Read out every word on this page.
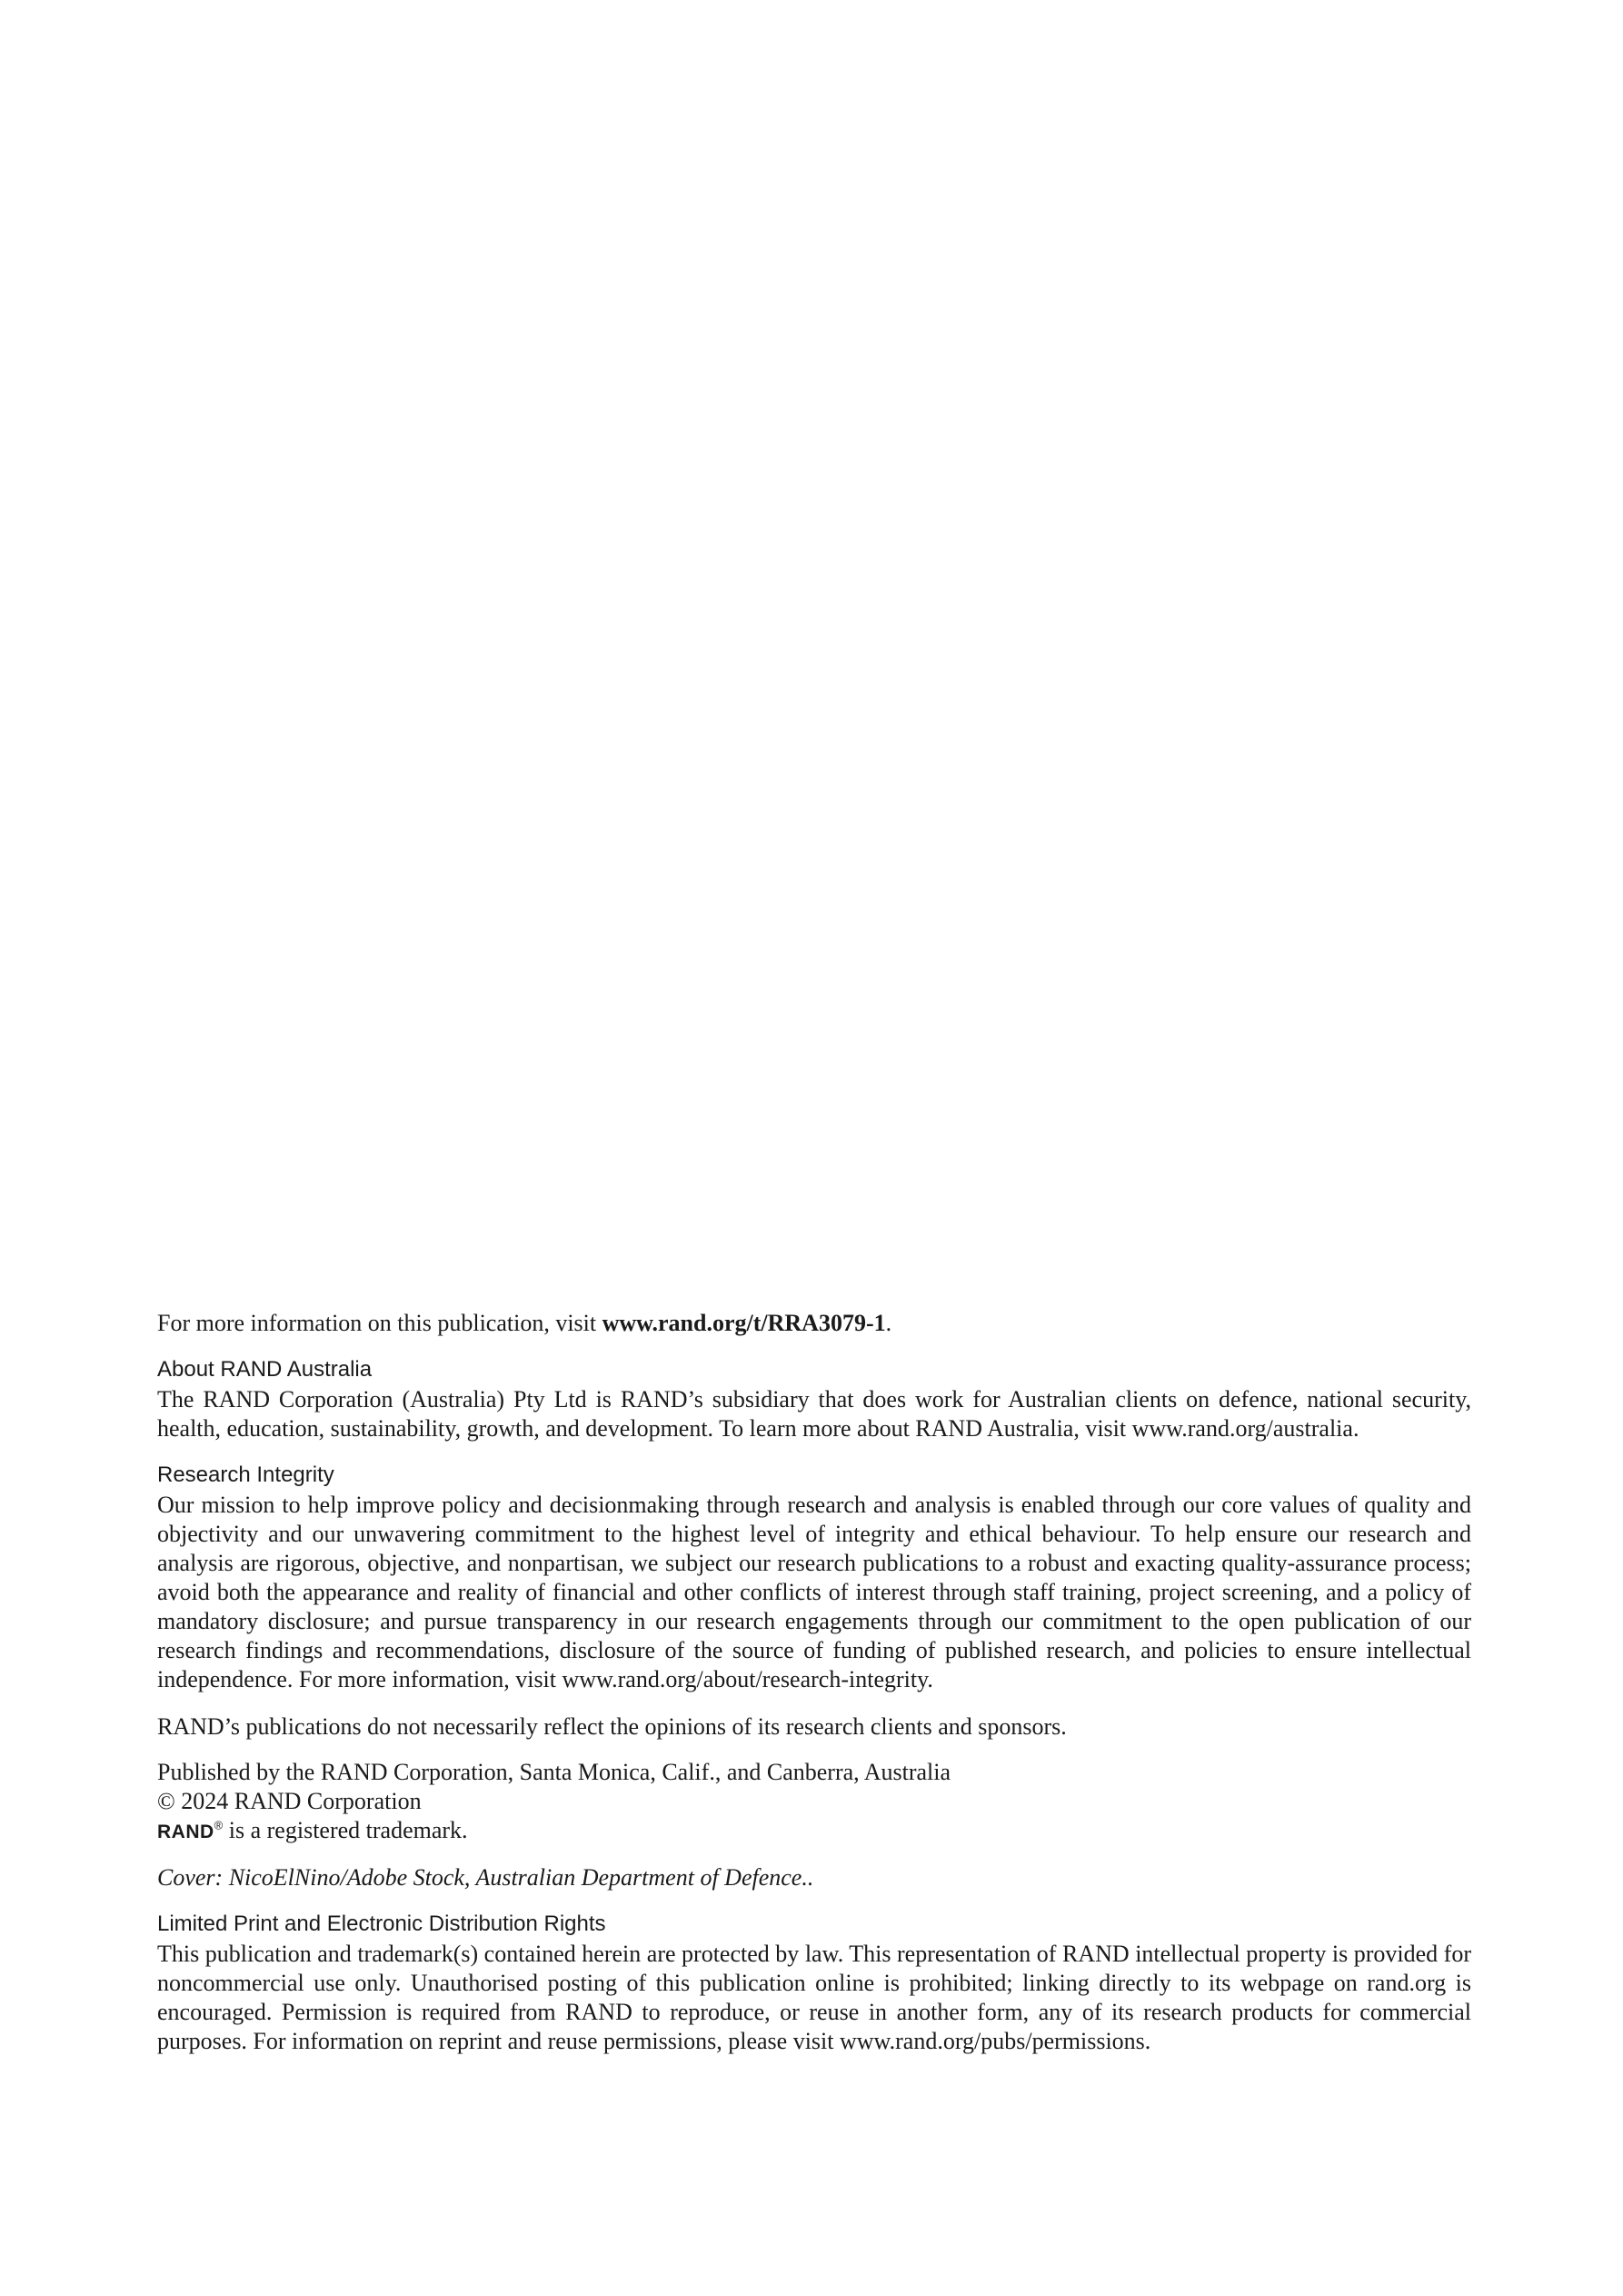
For more information on this publication, visit www.rand.org/t/RRA3079-1.

About RAND Australia

The RAND Corporation (Australia) Pty Ltd is RAND’s subsidiary that does work for Australian clients on defence, national security, health, education, sustainability, growth, and development. To learn more about RAND Australia, visit www.rand.org/australia.

Research Integrity

Our mission to help improve policy and decisionmaking through research and analysis is enabled through our core values of quality and objectivity and our unwavering commitment to the highest level of integrity and ethical behaviour. To help ensure our research and analysis are rigorous, objective, and nonpartisan, we subject our research publications to a robust and exacting quality-assurance process; avoid both the appearance and reality of financial and other conflicts of interest through staff training, project screening, and a policy of mandatory disclosure; and pursue transparency in our research engagements through our commitment to the open publication of our research findings and recommendations, disclosure of the source of funding of published research, and policies to ensure intellectual independence. For more information, visit www.rand.org/about/research-integrity.

RAND’s publications do not necessarily reflect the opinions of its research clients and sponsors.

Published by the RAND Corporation, Santa Monica, Calif., and Canberra, Australia

© 2024 RAND Corporation

RAND® is a registered trademark.

Cover: NicoElNino/Adobe Stock, Australian Department of Defence..

Limited Print and Electronic Distribution Rights

This publication and trademark(s) contained herein are protected by law. This representation of RAND intellectual property is provided for noncommercial use only. Unauthorised posting of this publication online is prohibited; linking directly to its webpage on rand.org is encouraged. Permission is required from RAND to reproduce, or reuse in another form, any of its research products for commercial purposes. For information on reprint and reuse permissions, please visit www.rand.org/pubs/permissions.
